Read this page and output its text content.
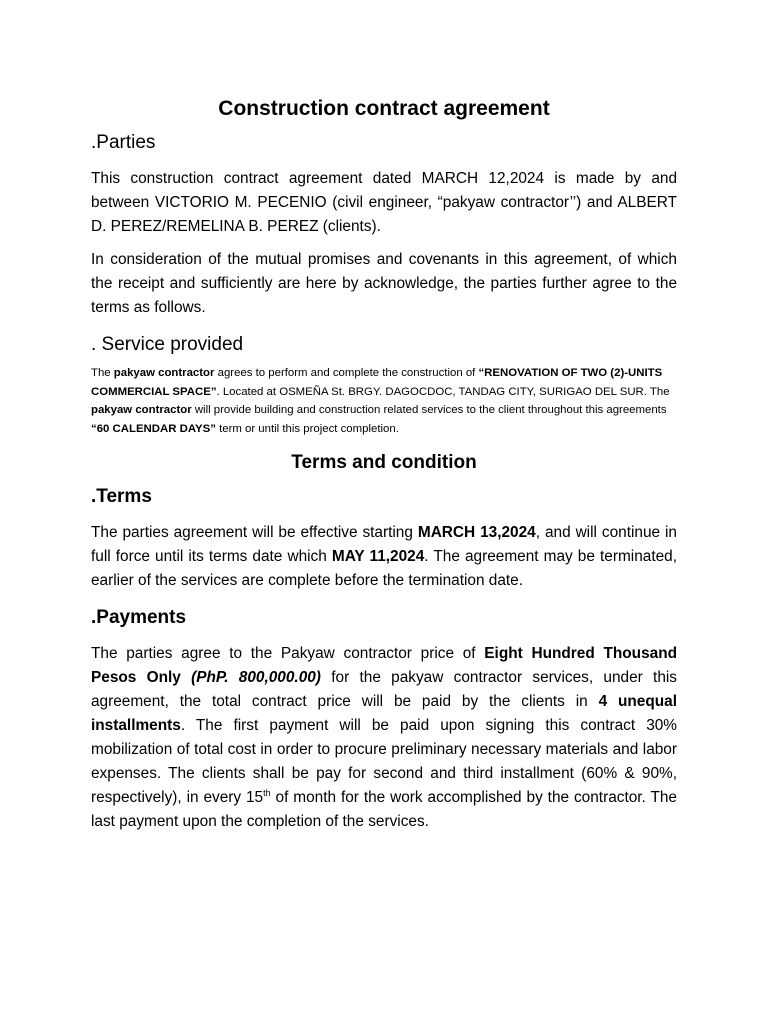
Construction contract agreement
.Parties

This construction contract agreement dated MARCH 12,2024 is made by and between VICTORIO M. PECENIO (civil engineer, “pakyaw contractor’’) and ALBERT D. PEREZ/REMELINA B. PEREZ (clients).

In consideration of the mutual promises and covenants in this agreement, of which the receipt and sufficiently are here by acknowledge, the parties further agree to the terms as follows.

. Service provided

The pakyaw contractor agrees to perform and complete the construction of “RENOVATION OF TWO (2)-UNITS COMMERCIAL SPACE”. Located at OSMEÑA St. BRGY. DAGOCDOC, TANDAG CITY, SURIGAO DEL SUR. The pakyaw contractor will provide building and construction related services to the client throughout this agreements “60 CALENDAR DAYS” term or until this project completion.

Terms and condition
.Terms

The parties agreement will be effective starting MARCH 13,2024, and will continue in full force until its terms date which MAY 11,2024. The agreement may be terminated, earlier of the services are complete before the termination date.

.Payments

The parties agree to the Pakyaw contractor price of Eight Hundred Thousand Pesos Only (PhP. 800,000.00) for the pakyaw contractor services, under this agreement, the total contract price will be paid by the clients in 4 unequal installments. The first payment will be paid upon signing this contract 30% mobilization of total cost in order to procure preliminary necessary materials and labor expenses. The clients shall be pay for second and third installment (60% & 90%, respectively), in every 15th of month for the work accomplished by the contractor. The last payment upon the completion of the services.
